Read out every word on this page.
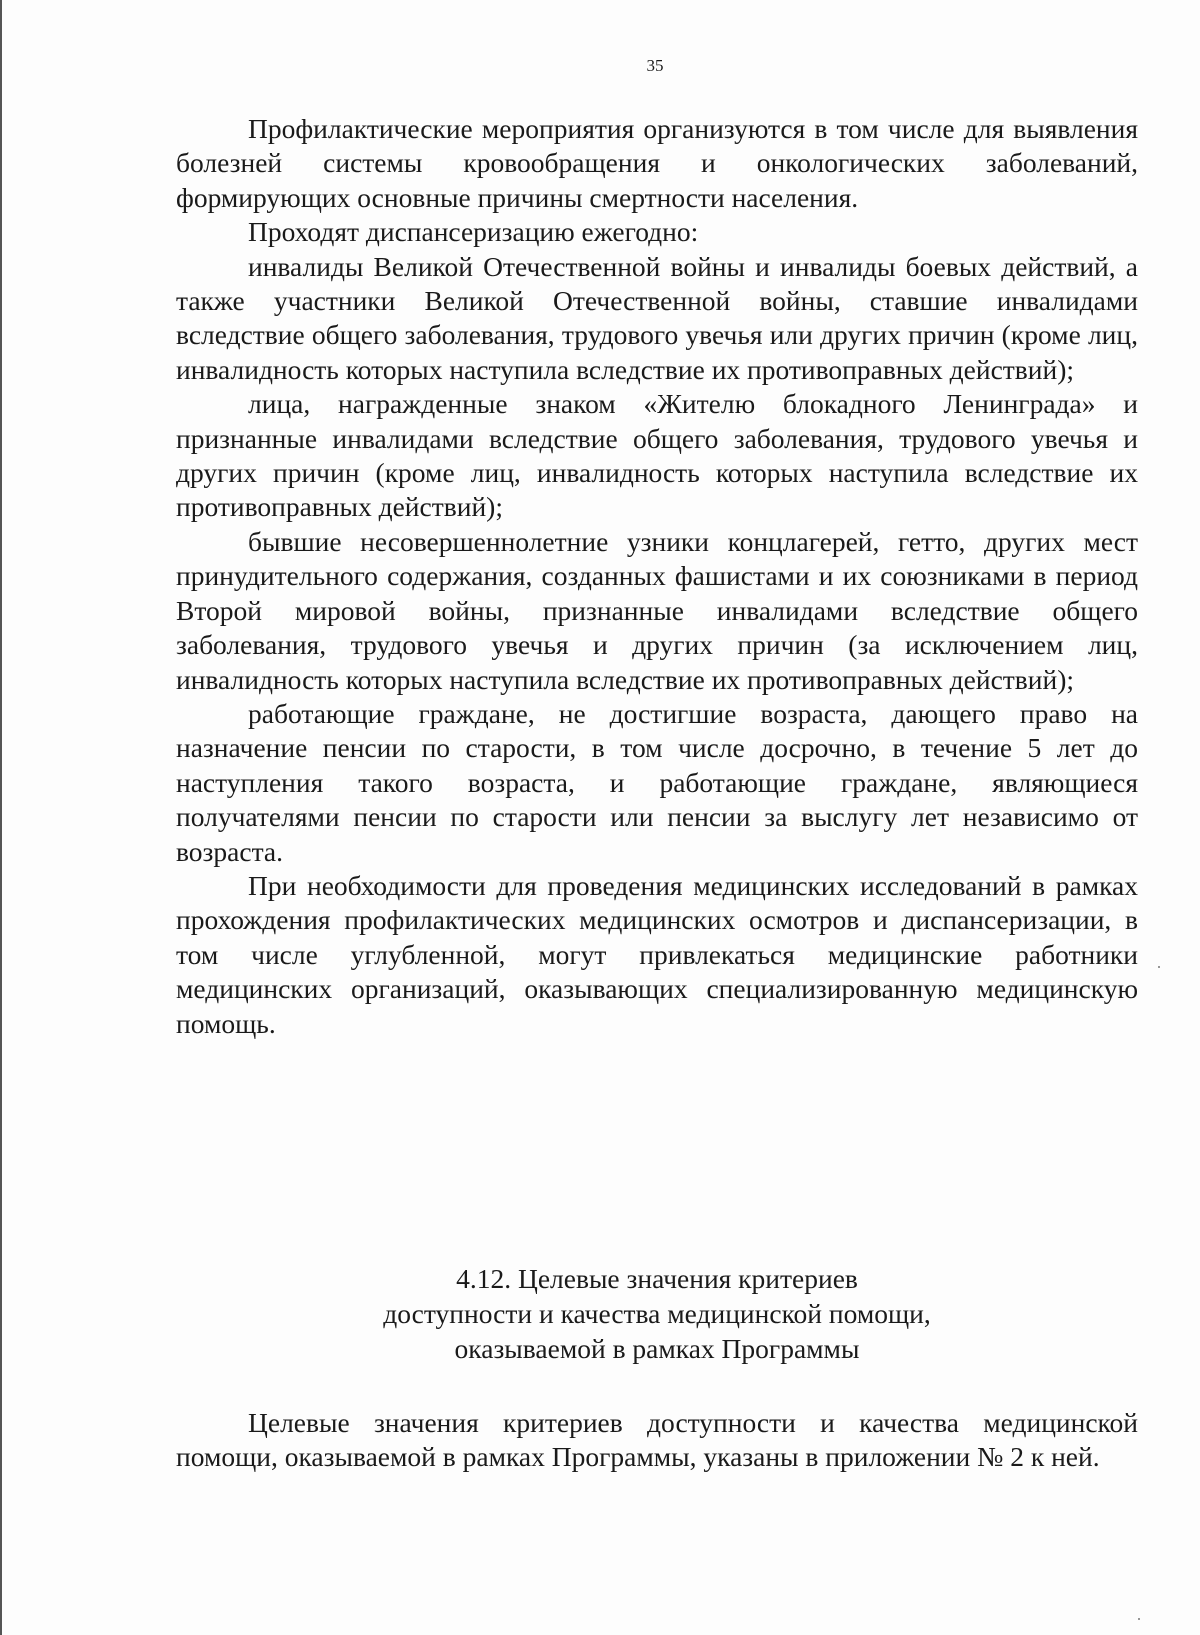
35

Профилактические мероприятия организуются в том числе для выявления болезней системы кровообращения и онкологических заболеваний, формирующих основные причины смертности населения.

Проходят диспансеризацию ежегодно:

инвалиды Великой Отечественной войны и инвалиды боевых действий, а также участники Великой Отечественной войны, ставшие инвалидами вследствие общего заболевания, трудового увечья или других причин (кроме лиц, инвалидность которых наступила вследствие их противоправных действий);

лица, награжденные знаком «Жителю блокадного Ленинграда» и признанные инвалидами вследствие общего заболевания, трудового увечья и других причин (кроме лиц, инвалидность которых наступила вследствие их противоправных действий);

бывшие несовершеннолетние узники концлагерей, гетто, других мест принудительного содержания, созданных фашистами и их союзниками в период Второй мировой войны, признанные инвалидами вследствие общего заболевания, трудового увечья и других причин (за исключением лиц, инвалидность которых наступила вследствие их противоправных действий);

работающие граждане, не достигшие возраста, дающего право на назначение пенсии по старости, в том числе досрочно, в течение 5 лет до наступления такого возраста, и работающие граждане, являющиеся получателями пенсии по старости или пенсии за выслугу лет независимо от возраста.

При необходимости для проведения медицинских исследований в рамках прохождения профилактических медицинских осмотров и диспансеризации, в том числе углубленной, могут привлекаться медицинские работники медицинских организаций, оказывающих специализированную медицинскую помощь.

4.12. Целевые значения критериев
доступности и качества медицинской помощи,
оказываемой в рамках Программы

Целевые значения критериев доступности и качества медицинской помощи, оказываемой в рамках Программы, указаны в приложении № 2 к ней.
